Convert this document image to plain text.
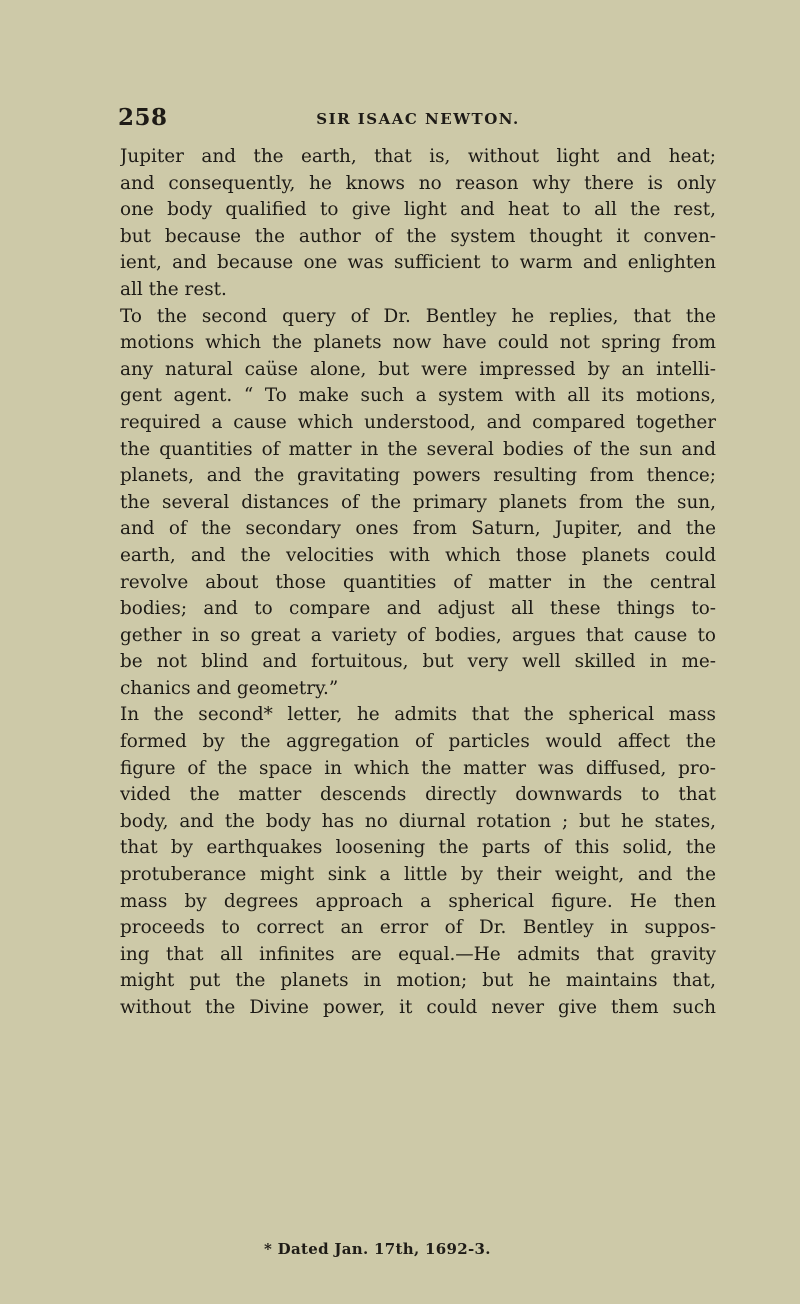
258	SIR ISAAC NEWTON.
Jupiter and the earth, that is, without light and heat;
and consequently, he knows no reason why there is only
one body qualified to give light and heat to all the rest,
but because the author of the system thought it conven-
ient, and because one was sufficient to warm and enlighten
all the rest.
To the second query of Dr. Bentley he replies, that the
motions which the planets now have could not spring from
any natural caüse alone, but were impressed by an intelli-
gent agent. “ To make such a system with all its motions,
required a cause which understood, and compared together
the quantities of matter in the several bodies of the sun and
planets, and the gravitating powers resulting from thence;
the several distances of the primary planets from the sun,
and of the secondary ones from Saturn, Jupiter, and the
earth, and the velocities with which those planets could
revolve about those quantities of matter in the central
bodies; and to compare and adjust all these things to-
gether in so great a variety of bodies, argues that cause to
be not blind and fortuitous, but very well skilled in me-
chanics and geometry.”
In the second* letter, he admits that the spherical mass
formed by the aggregation of particles would affect the
figure of the space in which the matter was diffused, pro-
vided the matter descends directly downwards to that
body, and the body has no diurnal rotation ; but he states,
that by earthquakes loosening the parts of this solid, the
protuberance might sink a little by their weight, and the
mass by degrees approach a spherical figure. He then
proceeds to correct an error of Dr. Bentley in suppos-
ing that all infinites are equal.—He admits that gravity
might put the planets in motion; but he maintains that,
without the Divine power, it could never give them such
* Dated Jan. 17th, 1692-3.
